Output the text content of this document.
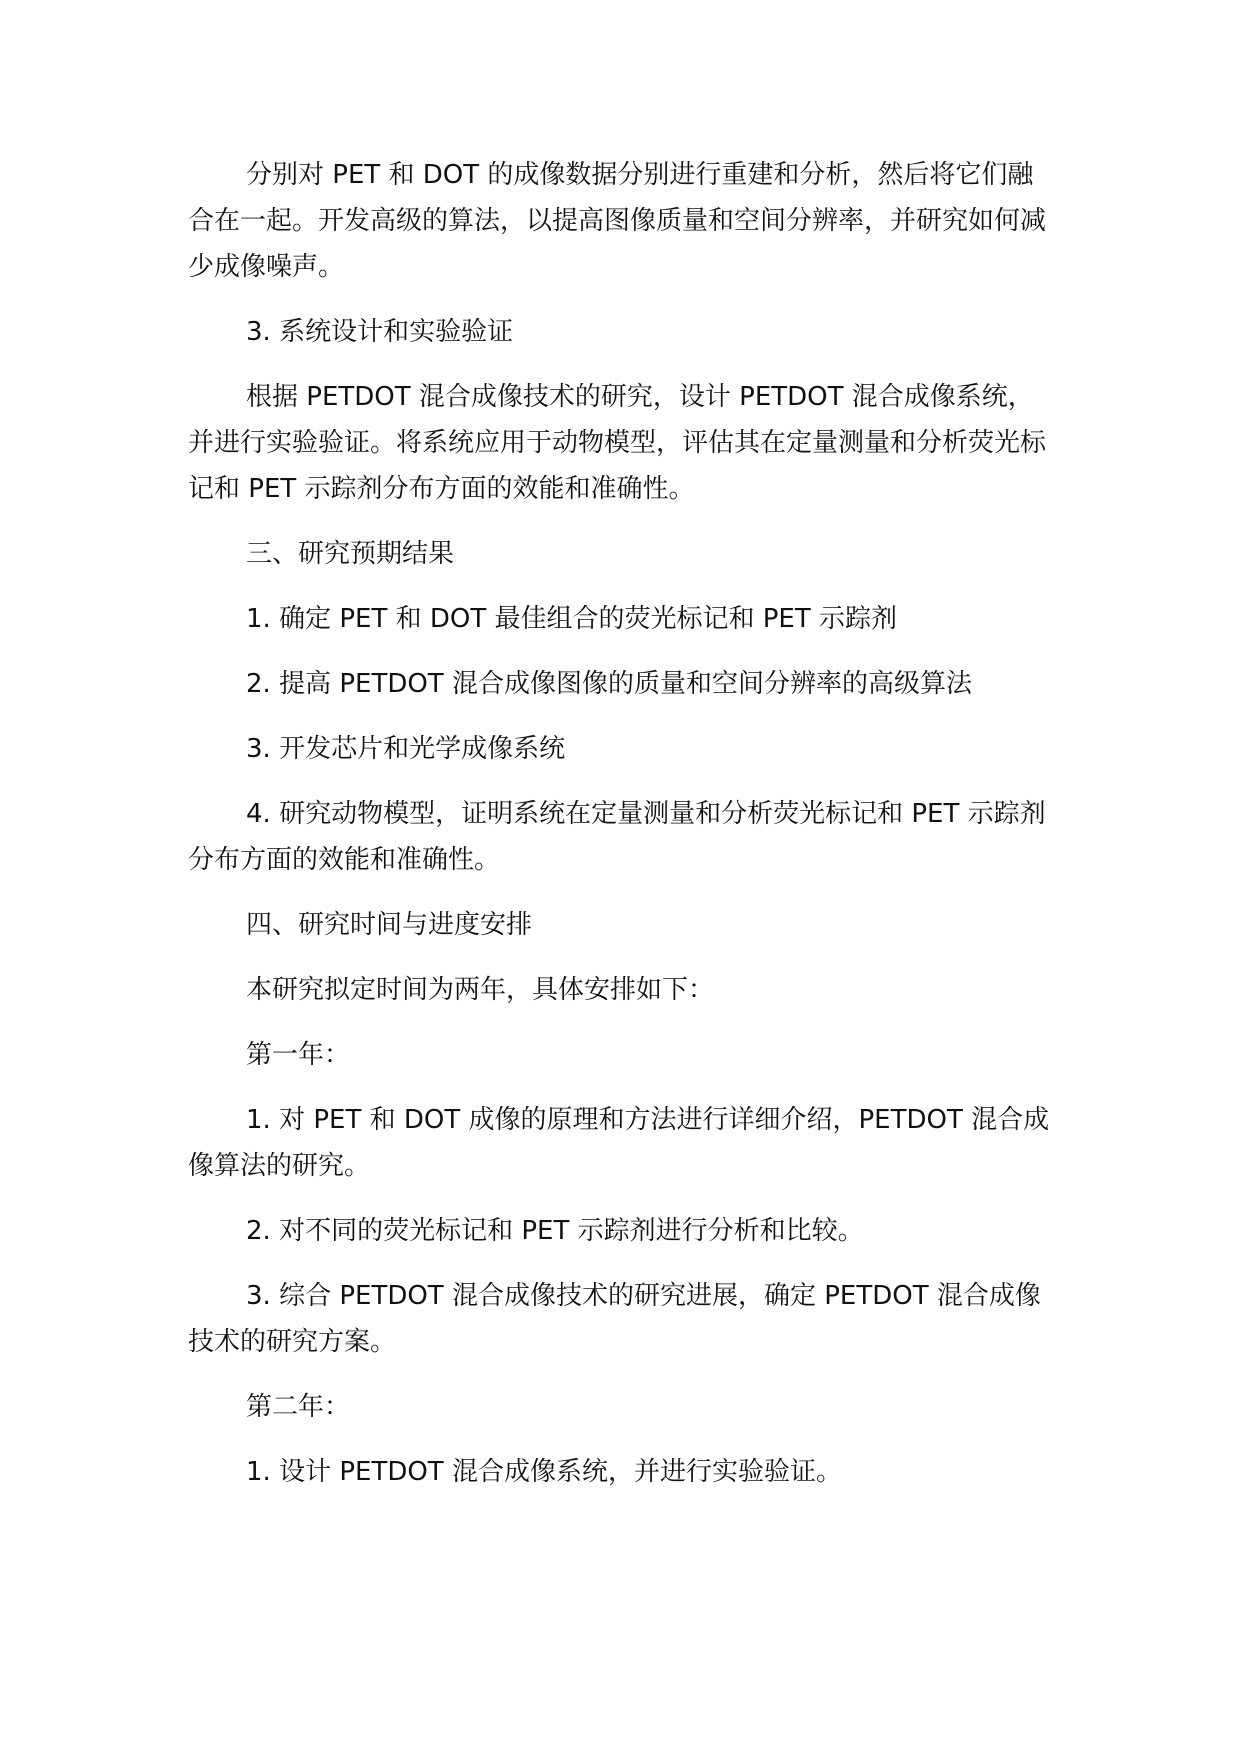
分别对 PET 和 DOT 的成像数据分别进行重建和分析，然后将它们融合在一起。开发高级的算法，以提高图像质量和空间分辨率，并研究如何减少成像噪声。

3. 系统设计和实验验证

根据 PETDOT 混合成像技术的研究，设计 PETDOT 混合成像系统，并进行实验验证。将系统应用于动物模型，评估其在定量测量和分析荧光标记和 PET 示踪剂分布方面的效能和准确性。

三、研究预期结果

1. 确定 PET 和 DOT 最佳组合的荧光标记和 PET 示踪剂

2. 提高 PETDOT 混合成像图像的质量和空间分辨率的高级算法

3. 开发芯片和光学成像系统

4. 研究动物模型，证明系统在定量测量和分析荧光标记和 PET 示踪剂分布方面的效能和准确性。

四、研究时间与进度安排

本研究拟定时间为两年，具体安排如下：

第一年：

1. 对 PET 和 DOT 成像的原理和方法进行详细介绍，PETDOT 混合成像算法的研究。

2. 对不同的荧光标记和 PET 示踪剂进行分析和比较。

3. 综合 PETDOT 混合成像技术的研究进展，确定 PETDOT 混合成像技术的研究方案。

第二年：

1. 设计 PETDOT 混合成像系统，并进行实验验证。
